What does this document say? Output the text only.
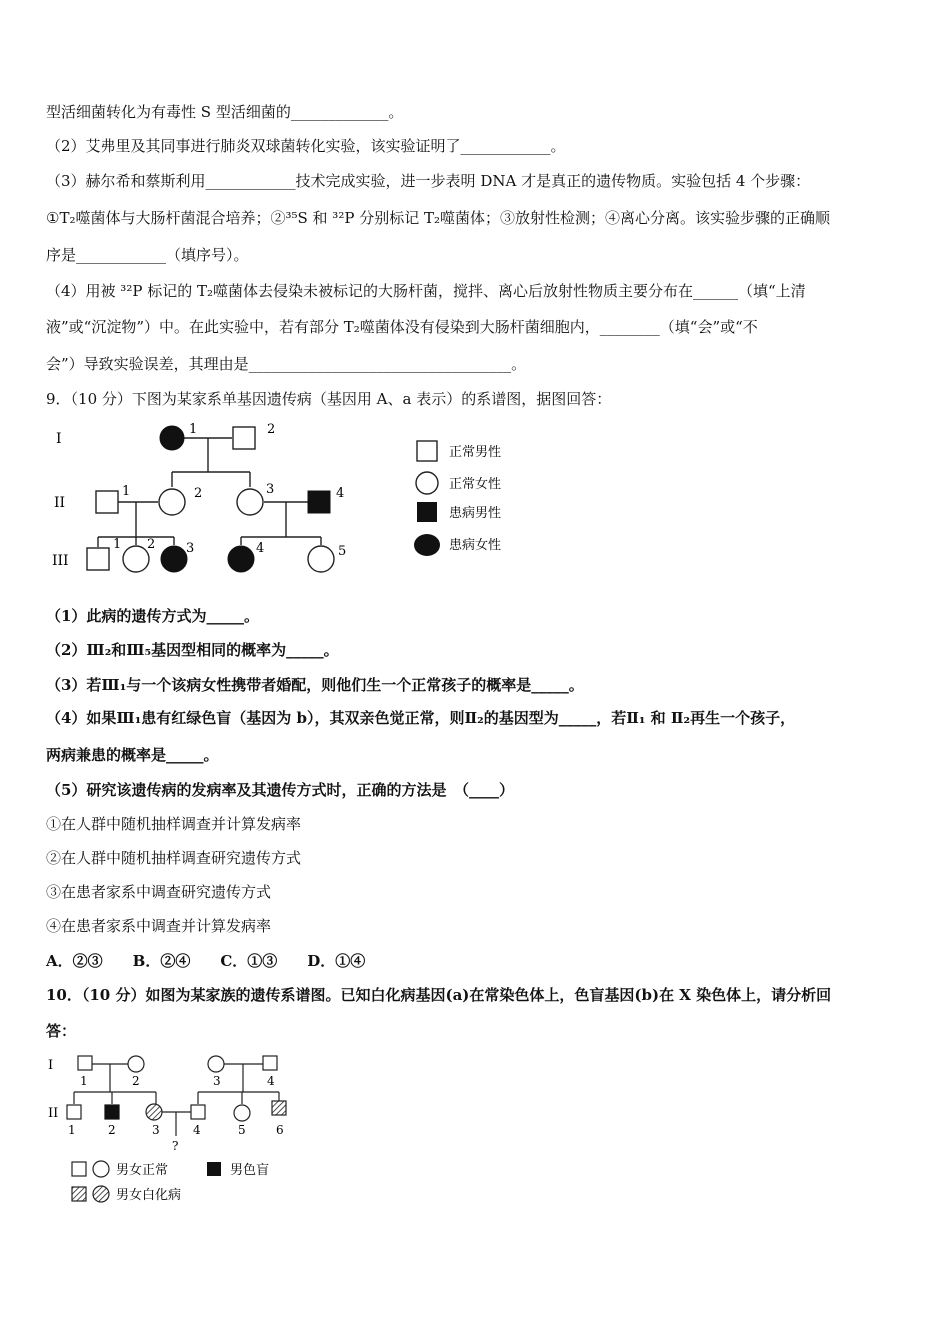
型活细菌转化为有毒性 S 型活细菌的_____________。
（2）艾弗里及其同事进行肺炎双球菌转化实验，该实验证明了____________。
（3）赫尔希和蔡斯利用____________技术完成实验，进一步表明 DNA 才是真正的遗传物质。实验包括 4 个步骤：
①T₂噬菌体与大肠杆菌混合培养；②³⁵S 和 ³²P 分别标记 T₂噬菌体；③放射性检测；④离心分离。该实验步骤的正确顺
序是____________（填序号）。
（4）用被 ³²P 标记的 T₂噬菌体去侵染未被标记的大肠杆菌，搅拌、离心后放射性物质主要分布在______（填“上清
液”或“沉淀物”）中。在此实验中，若有部分 T₂噬菌体没有侵染到大肠杆菌细胞内，________（填“会”或“不
会”）导致实验误差，其理由是___________________________________。
9．（10 分）下图为某家系单基因遗传病（基因用 A、a 表示）的系谱图，据图回答：
I
II
III
1	2
1	2	3	4
1 2 3	4	5
正常男性
正常女性
患病男性
患病女性
（1）此病的遗传方式为_____。
（2）Ⅲ₂和Ⅲ₅基因型相同的概率为_____。
（3）若Ⅲ₁与一个该病女性携带者婚配，则他们生一个正常孩子的概率是_____。
（4）如果Ⅲ₁患有红绿色盲（基因为 b），其双亲色觉正常，则Ⅱ₂的基因型为_____，若Ⅱ₁ 和 Ⅱ₂再生一个孩子，
两病兼患的概率是_____。
（5）研究该遗传病的发病率及其遗传方式时，正确的方法是　（____）
①在人群中随机抽样调查并计算发病率
②在人群中随机抽样调查研究遗传方式
③在患者家系中调查研究遗传方式
④在患者家系中调查并计算发病率
A．②③　　B．②④　　C．①③　　D．①④
10．（10 分）如图为某家族的遗传系谱图。已知白化病基因(a)在常染色体上，色盲基因(b)在 X 染色体上，请分析回
答：
I
II
1	2	3	4
1	2	3	4	5	6
?
男女正常	男色盲
男女白化病
